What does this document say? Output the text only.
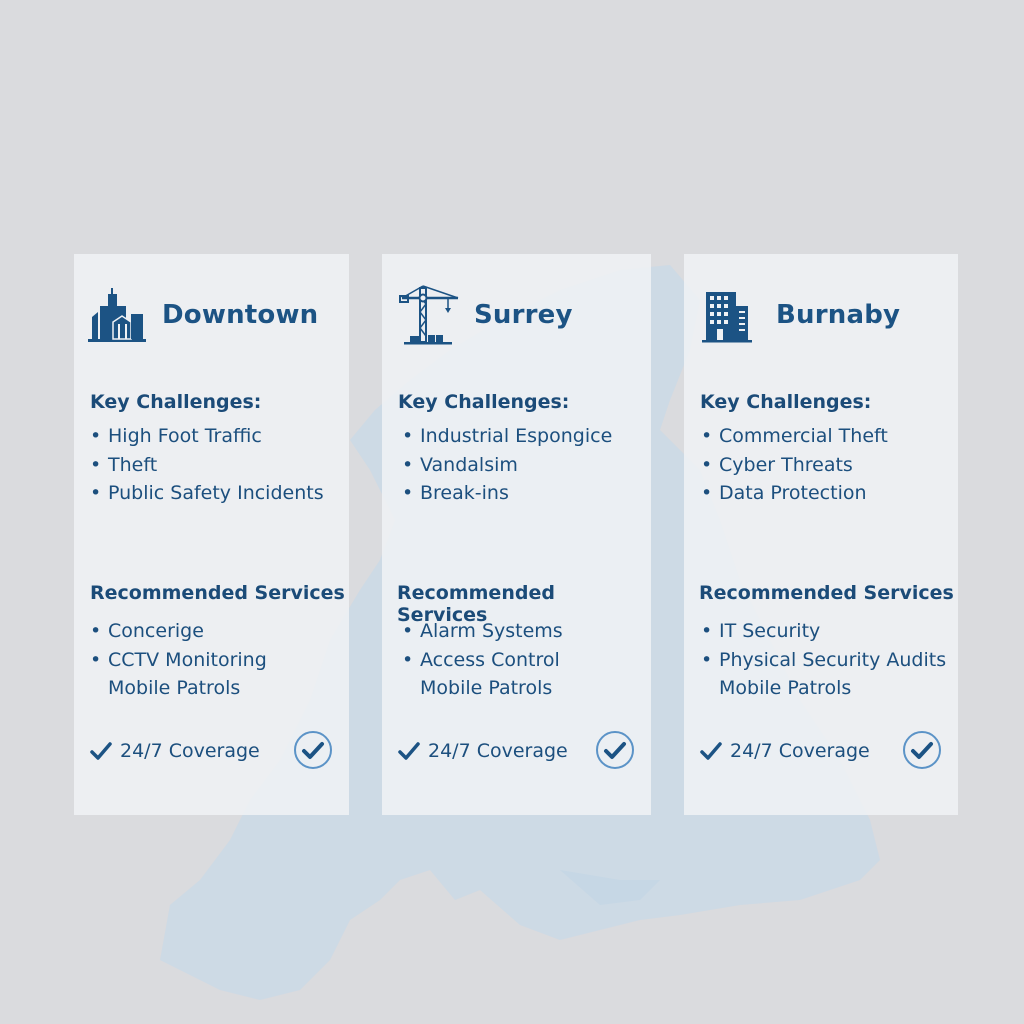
Downtown
Key Challenges:
• High Foot Traffic
• Theft
• Public Safety Incidents
Recommended Services
• Concerige
• CCTV Monitoring
Mobile Patrols
24/7 Coverage
Surrey
Key Challenges:
• Industrial Espongice
• Vandalsim
• Break-ins
Recommended Services
• Alarm Systems
• Access Control
Mobile Patrols
24/7 Coverage
Burnaby
Key Challenges:
• Commercial Theft
• Cyber Threats
• Data Protection
Recommended Services
• IT Security
• Physical Security Audits
Mobile Patrols
24/7 Coverage
